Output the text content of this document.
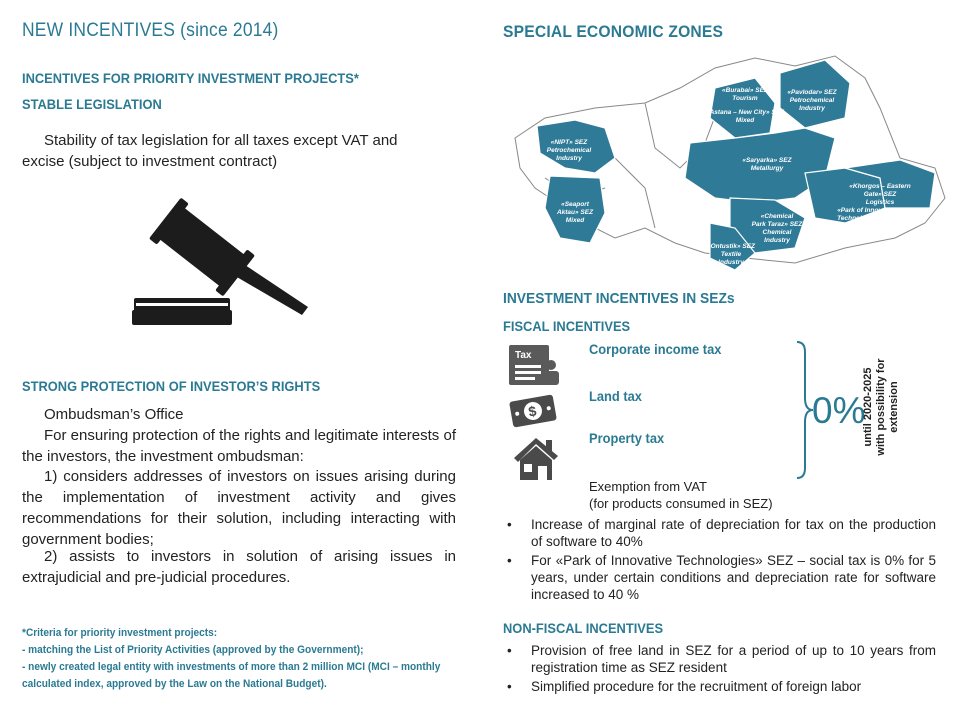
NEW INCENTIVES (since 2014)
INCENTIVES FOR PRIORITY INVESTMENT PROJECTS*
STABLE LEGISLATION
Stability of tax legislation for all taxes except VAT and excise (subject to investment contract)
STRONG PROTECTION OF INVESTOR’S RIGHTS
Ombudsman’s Office
For ensuring protection of the rights and legitimate interests of the investors, the investment ombudsman:
1) considers addresses of investors on issues arising during the implementation of investment activity and gives recommendations for their solution, including interacting with government bodies;
2) assists to investors in solution of arising issues in extrajudicial and pre-judicial procedures.
*Criteria for priority investment projects:
- matching the List of Priority Activities (approved by the Government);
- newly created legal entity with investments of more than 2 million MCI (MCI – monthly
calculated index, approved by the Law on the National Budget).
SPECIAL ECONOMIC ZONES
«Burabai» SEZ Tourism
«Astana – New City» SEZ Mixed
«Pavlodar» SEZ Petrochemical Industry
«NIPT» SEZ Petrochemical Industry	«Saryarka» SEZ Metallurgy
«Khorgos – Eastern Gate» SEZ Logistics
«Park of Innovative Technologies» SEZ IT – Innovations
«Seaport Aktau» SEZ Mixed
«Chemical Park Taraz» SEZ Chemical Industry
«Ontustik» SEZ Textile Industry
INVESTMENT INCENTIVES IN SEZs
FISCAL INCENTIVES
Tax
$
Corporate income tax
Land tax
Property tax
0%
until 2020-2025 with possibility for extension
Exemption from VAT
(for products consumed in SEZ)
• Increase of marginal rate of depreciation for tax on the production of software to 40%
• For «Park of Innovative Technologies» SEZ – social tax is 0% for 5 years, under certain conditions and depreciation rate for software increased to 40 %
NON-FISCAL INCENTIVES
• Provision of free land in SEZ for a period of up to 10 years from registration time as SEZ resident
• Simplified procedure for the recruitment of foreign labor
